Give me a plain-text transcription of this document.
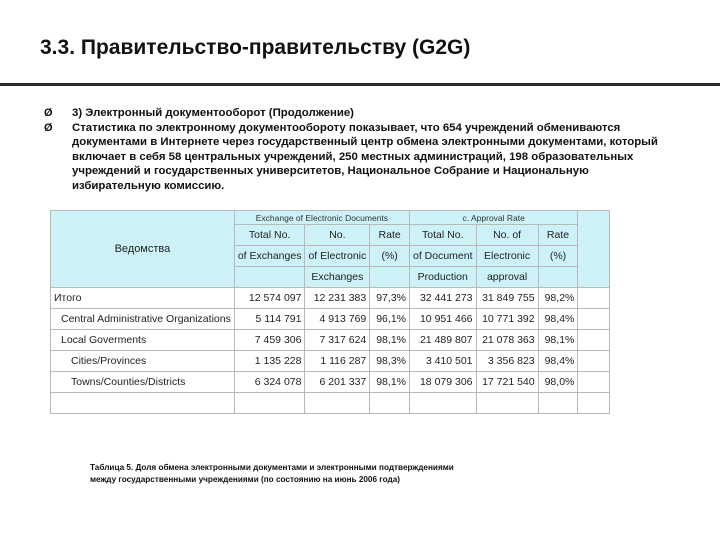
3.3. Правительство-правительству (G2G)
Ø	3) Электронный документооборот (Продолжение)
Ø	Статистика по электронному документообороту показывает, что 654 учреждений обмениваются документами в Интернете через государственный центр обмена электронными документами, который включает в себя 58 центральных учреждений, 250 местных администраций, 198 образовательных учреждений и государственных университетов, Национальное Собрание и Национальную избирательную комиссию.
Ведомства	Exchange of Electronic Documents			c. Approval Rate			
	Total No.	No.	Rate	Total No.	No. of	Rate	
	of Exchanges	of Electronic	(%)	of Document	Electronic	(%)	
		Exchanges		Production	approval		
Итого	12 574 097	12 231 383	97,3%	32 441 273	31 849 755	98,2%	
Central Administrative Organizations	5 114 791	4 913 769	96,1%	10 951 466	10 771 392	98,4%	
Local Goverments	7 459 306	7 317 624	98,1%	21 489 807	21 078 363	98,1%	
Cities/Provinces	1 135 228	1 116 287	98,3%	3 410 501	3 356 823	98,4%	
Towns/Counties/Districts	6 324 078	6 201 337	98,1%	18 079 306	17 721 540	98,0%	

Таблица 5. Доля обмена электронными документами и электронными подтверждениями
между государственными учреждениями (по состоянию на июнь 2006 года)
